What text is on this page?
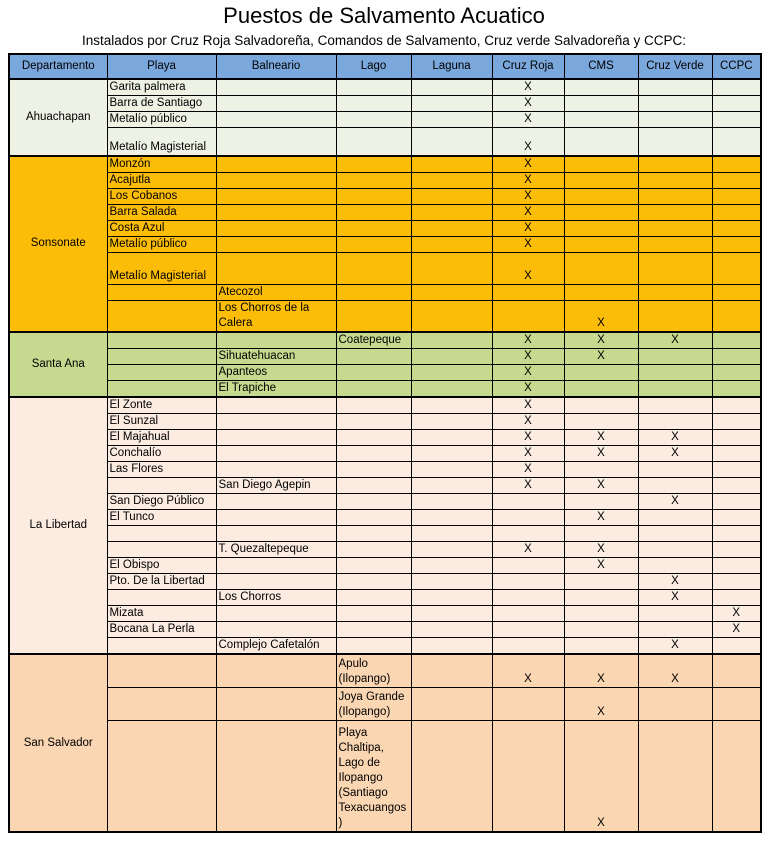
Puestos de Salvamento Acuatico
Instalados por Cruz Roja Salvadoreña, Comandos de Salvamento, Cruz verde Salvadoreña y CCPC:
Departamento	Playa	Balneario	Lago	Laguna	Cruz Roja	CMS	Cruz Verde	CCPC
Ahuachapan	Garita palmera				X			
	Barra de Santiago				X			
	Metalío público				X			
	Metalío Magisterial				X			
Sonsonate	Monzón				X			
	Acajutla				X			
	Los Cobanos				X			
	Barra Salada				X			
	Costa Azul				X			
	Metalío público				X			
	Metalío Magisterial				X			
		Atecozol						
		Los Chorros de la Calera				X		
Santa Ana			Coatepeque		X	X	X	
		Sihuatehuacan			X	X		
		Apanteos			X			
		El Trapiche			X			
La Libertad	El Zonte				X			
	El Sunzal				X			
	El Majahual				X	X	X	
	Conchalío				X	X	X	
	Las Flores				X			
		San Diego Agepin			X	X		
	San Diego Público						X	
	El Tunco					X		

		T. Quezaltepeque			X	X		
	El Obispo					X		
	Pto. De la Libertad						X	
		Los Chorros					X	
	Mizata							X
	Bocana La Perla							X
		Complejo Cafetalón					X	
San Salvador			Apulo (Ilopango)		X	X	X	
			Joya Grande (Ilopango)			X		
			Playa Chaltipa, Lago de Ilopango (Santiago Texacuangos )			X		
